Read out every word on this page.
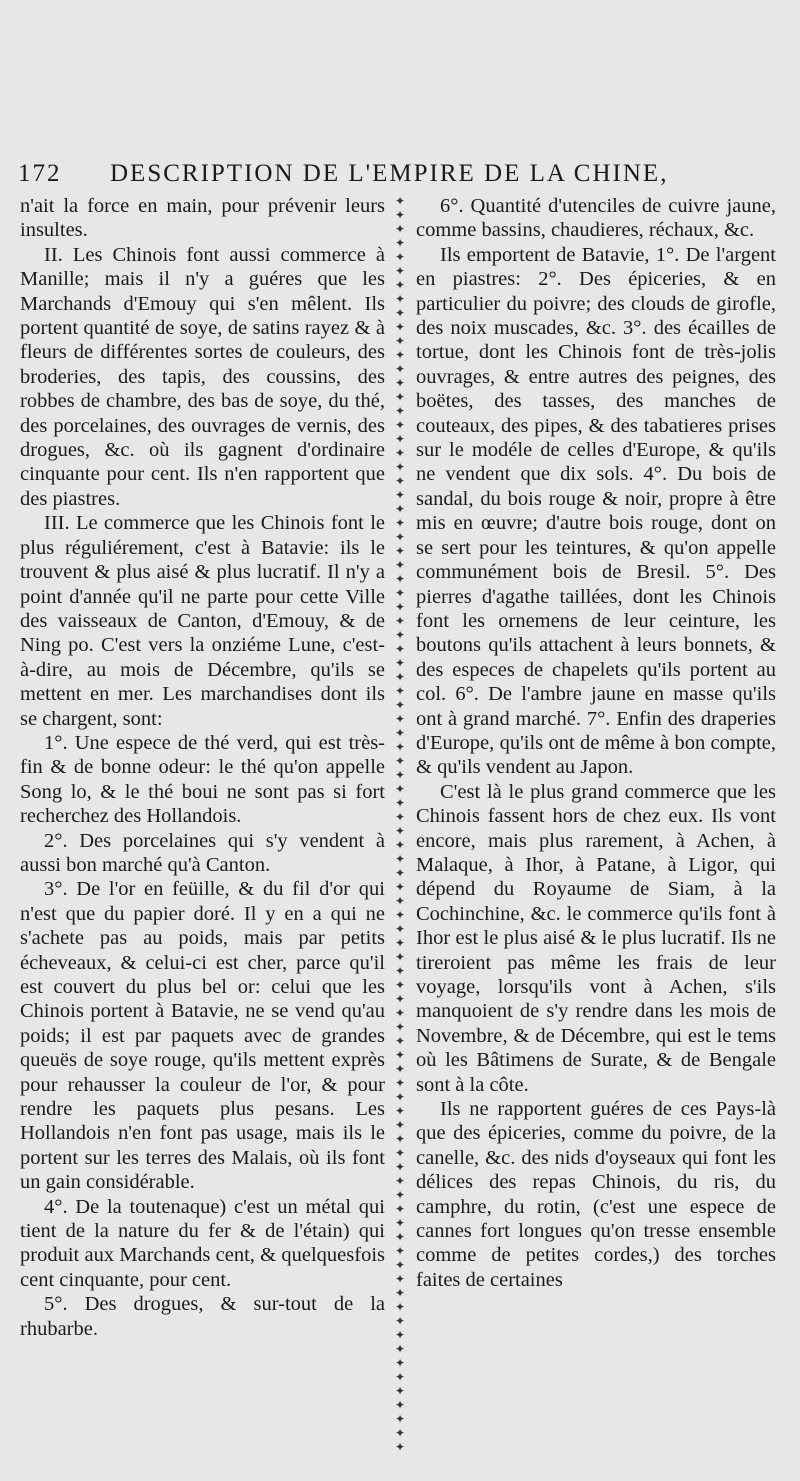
172 DESCRIPTION DE L'EMPIRE DE LA CHINE,

n'ait la force en main, pour prévenir leurs insultes.

II. Les Chinois font aussi commerce à Manille; mais il n'y a guéres que les Marchands d'Emouy qui s'en mêlent. Ils portent quantité de soye, de satins rayez & à fleurs de différentes sortes de couleurs, des broderies, des tapis, des coussins, des robbes de chambre, des bas de soye, du thé, des porcelaines, des ouvrages de vernis, des drogues, &c. où ils gagnent d'ordinaire cinquante pour cent. Ils n'en rapportent que des piastres.

III. Le commerce que les Chinois font le plus réguliérement, c'est à Batavie: ils le trouvent & plus aisé & plus lucratif. Il n'y a point d'année qu'il ne parte pour cette Ville des vaisseaux de Canton, d'Emouy, & de Ning po. C'est vers la onziéme Lune, c'est-à-dire, au mois de Décembre, qu'ils se mettent en mer. Les marchandises dont ils se chargent, sont:

1°. Une espece de thé verd, qui est très-fin & de bonne odeur: le thé qu'on appelle Song lo, & le thé boui ne sont pas si fort recherchez des Hollandois.

2°. Des porcelaines qui s'y vendent à aussi bon marché qu'à Canton.

3°. De l'or en feüille, & du fil d'or qui n'est que du papier doré. Il y en a qui ne s'achete pas au poids, mais par petits écheveaux, & celui-ci est cher, parce qu'il est couvert du plus bel or: celui que les Chinois portent à Batavie, ne se vend qu'au poids; il est par paquets avec de grandes queuës de soye rouge, qu'ils mettent exprès pour rehausser la couleur de l'or, & pour rendre les paquets plus pesans. Les Hollandois n'en font pas usage, mais ils le portent sur les terres des Malais, où ils font un gain considérable.

4°. De la toutenaque) c'est un métal qui tient de la nature du fer & de l'étain) qui produit aux Marchands cent, & quelquesfois cent cinquante, pour cent.

5°. Des drogues, & sur-tout de la rhubarbe.

✦
✦
✦
✦
✦
✦
✦
✦
✦
✦
✦
✦
✦
✦
✦
✦
✦
✦
✦
✦
✦
✦
✦
✦
✦
✦
✦
✦
✦
✦
✦
✦
✦
✦
✦
✦
✦
✦
✦
✦
✦
✦
✦
✦
✦
✦
✦
✦
✦
✦
✦
✦
✦
✦
✦
✦
✦
✦
✦
✦
✦
✦
✦
✦
✦
✦
✦
✦
✦
✦
✦
✦
✦
✦
✦
✦
✦
✦
✦
✦
✦
✦
✦
✦
✦
✦
✦
✦
✦
✦

6°. Quantité d'utenciles de cuivre jaune, comme bassins, chaudieres, réchaux, &c.

Ils emportent de Batavie, 1°. De l'argent en piastres: 2°. Des épiceries, & en particulier du poivre; des clouds de girofle, des noix muscades, &c. 3°. des écailles de tortue, dont les Chinois font de très-jolis ouvrages, & entre autres des peignes, des boëtes, des tasses, des manches de couteaux, des pipes, & des tabatieres prises sur le modéle de celles d'Europe, & qu'ils ne vendent que dix sols. 4°. Du bois de sandal, du bois rouge & noir, propre à être mis en œuvre; d'autre bois rouge, dont on se sert pour les teintures, & qu'on appelle communément bois de Bresil. 5°. Des pierres d'agathe taillées, dont les Chinois font les ornemens de leur ceinture, les boutons qu'ils attachent à leurs bonnets, & des especes de chapelets qu'ils portent au col. 6°. De l'ambre jaune en masse qu'ils ont à grand marché. 7°. Enfin des draperies d'Europe, qu'ils ont de même à bon compte, & qu'ils vendent au Japon.

C'est là le plus grand commerce que les Chinois fassent hors de chez eux. Ils vont encore, mais plus rarement, à Achen, à Malaque, à Ihor, à Patane, à Ligor, qui dépend du Royaume de Siam, à la Cochinchine, &c. le commerce qu'ils font à Ihor est le plus aisé & le plus lucratif. Ils ne tireroient pas même les frais de leur voyage, lorsqu'ils vont à Achen, s'ils manquoient de s'y rendre dans les mois de Novembre, & de Décembre, qui est le tems où les Bâtimens de Surate, & de Bengale sont à la côte.

Ils ne rapportent guéres de ces Pays-là que des épiceries, comme du poivre, de la canelle, &c. des nids d'oyseaux qui font les délices des repas Chinois, du ris, du camphre, du rotin, (c'est une espece de cannes fort longues qu'on tresse ensemble comme de petites cordes,) des torches faites de certaines
